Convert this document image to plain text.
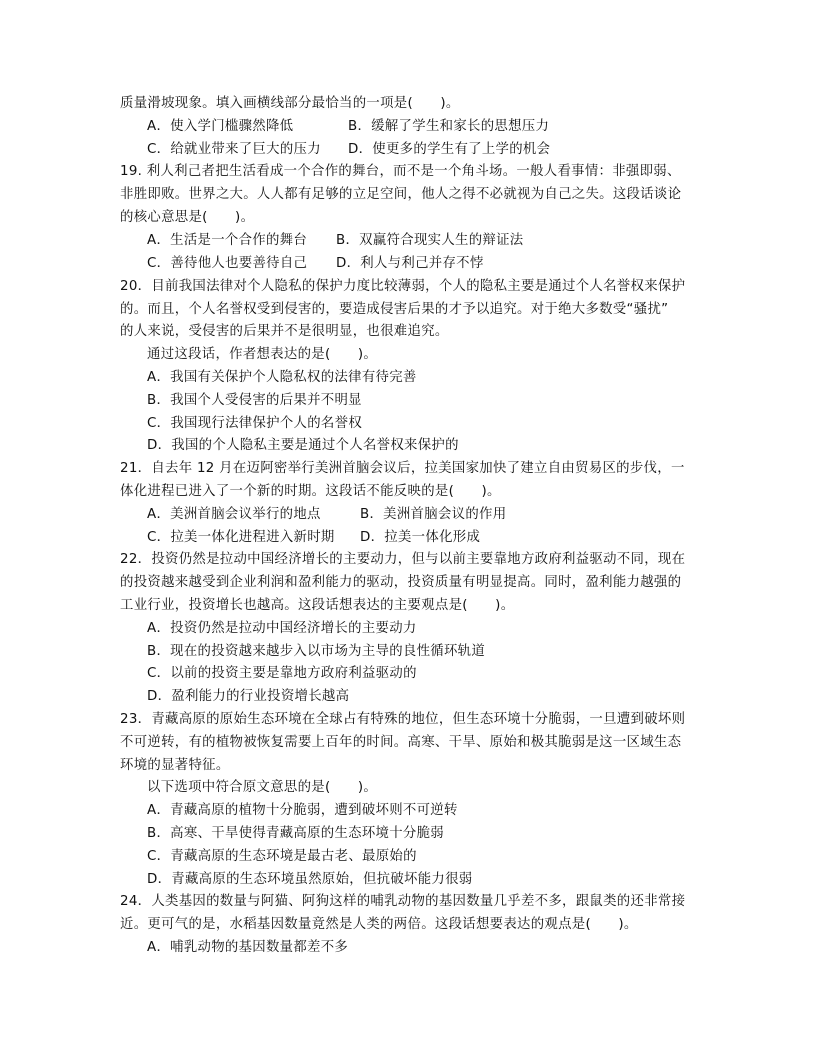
质量滑坡现象。填入画横线部分最恰当的一项是(　　)。
A．使入学门槛骤然降低	B．缓解了学生和家长的思想压力
C．给就业带来了巨大的压力 D．使更多的学生有了上学的机会
19. 利人利己者把生活看成一个合作的舞台，而不是一个角斗场。一般人看事情：非强即弱、
非胜即败。世界之大。人人都有足够的立足空间，他人之得不必就视为自己之失。这段话谈论
的核心意思是(　　)。
A．生活是一个合作的舞台 B．双赢符合现实人生的辩证法
C．善待他人也要善待自己 D．利人与利己并存不悖
20．目前我国法律对个人隐私的保护力度比较薄弱，个人的隐私主要是通过个人名誉权来保护
的。而且，个人名誉权受到侵害的，要造成侵害后果的才予以追究。对于绝大多数受“骚扰”
的人来说，受侵害的后果并不是很明显，也很难追究。
通过这段话，作者想表达的是(　　)。
A．我国有关保护个人隐私权的法律有待完善
B．我国个人受侵害的后果并不明显
C．我国现行法律保护个人的名誉权
D．我国的个人隐私主要是通过个人名誉权来保护的
21．自去年 12 月在迈阿密举行美洲首脑会议后，拉美国家加快了建立自由贸易区的步伐，一
体化进程已进入了一个新的时期。这段话不能反映的是(　　)。
A．美洲首脑会议举行的地点	B．美洲首脑会议的作用
C．拉美一体化进程进入新时期 D．拉美一体化形成
22．投资仍然是拉动中国经济增长的主要动力，但与以前主要靠地方政府利益驱动不同，现在
的投资越来越受到企业利润和盈利能力的驱动，投资质量有明显提高。同时，盈利能力越强的
工业行业，投资增长也越高。这段话想表达的主要观点是(　　)。
A．投资仍然是拉动中国经济增长的主要动力
B．现在的投资越来越步入以市场为主导的良性循环轨道
C．以前的投资主要是靠地方政府利益驱动的
D．盈利能力的行业投资增长越高
23．青藏高原的原始生态环境在全球占有特殊的地位，但生态环境十分脆弱，一旦遭到破坏则
不可逆转，有的植物被恢复需要上百年的时间。高寒、干旱、原始和极其脆弱是这一区域生态
环境的显著特征。
以下选项中符合原文意思的是(　　)。
A．青藏高原的植物十分脆弱，遭到破坏则不可逆转
B．高寒、干旱使得青藏高原的生态环境十分脆弱
C．青藏高原的生态环境是最古老、最原始的
D．青藏高原的生态环境虽然原始，但抗破坏能力很弱
24．人类基因的数量与阿猫、阿狗这样的哺乳动物的基因数量几乎差不多，跟鼠类的还非常接
近。更可气的是，水稻基因数量竟然是人类的两倍。这段话想要表达的观点是(　　)。
A．哺乳动物的基因数量都差不多
